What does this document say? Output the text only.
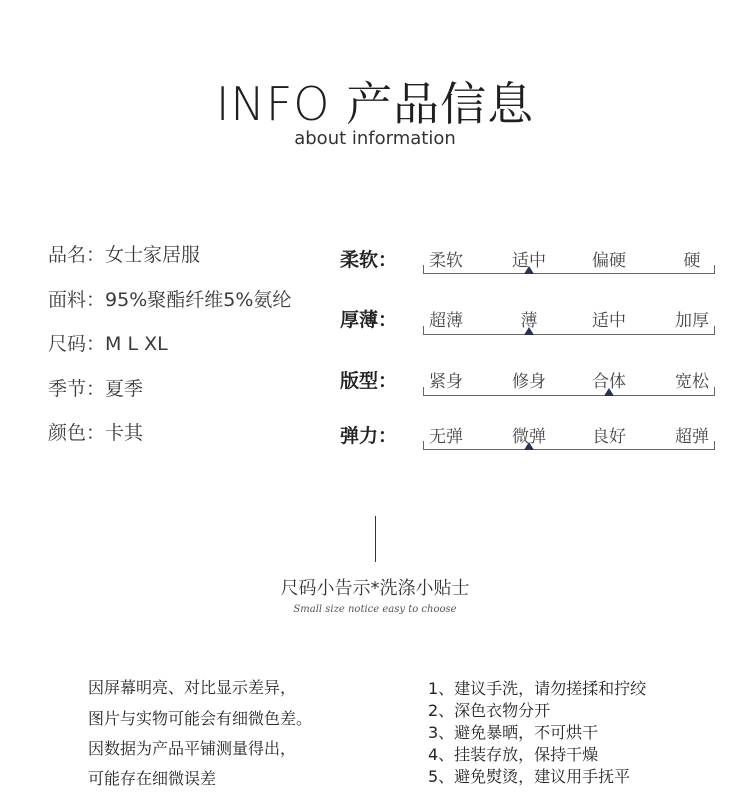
INFO 产品信息
about information
品名：女士家居服
面料：95%聚酯纤维5%氨纶
尺码：M L XL
季节：夏季
颜色：卡其
柔软： 柔软	适中	偏硬	硬
厚薄： 超薄	薄	适中	加厚
版型： 紧身	修身	合体	宽松
弹力： 无弹	微弹	良好	超弹
尺码小告示*洗涤小贴士
Small size notice easy to choose
因屏幕明亮、对比显示差异，
图片与实物可能会有细微色差。
因数据为产品平铺测量得出，
可能存在细微误差
1、建议手洗，请勿搓揉和拧绞
2、深色衣物分开
3、避免暴晒，不可烘干
4、挂装存放，保持干燥
5、避免熨烫，建议用手抚平
